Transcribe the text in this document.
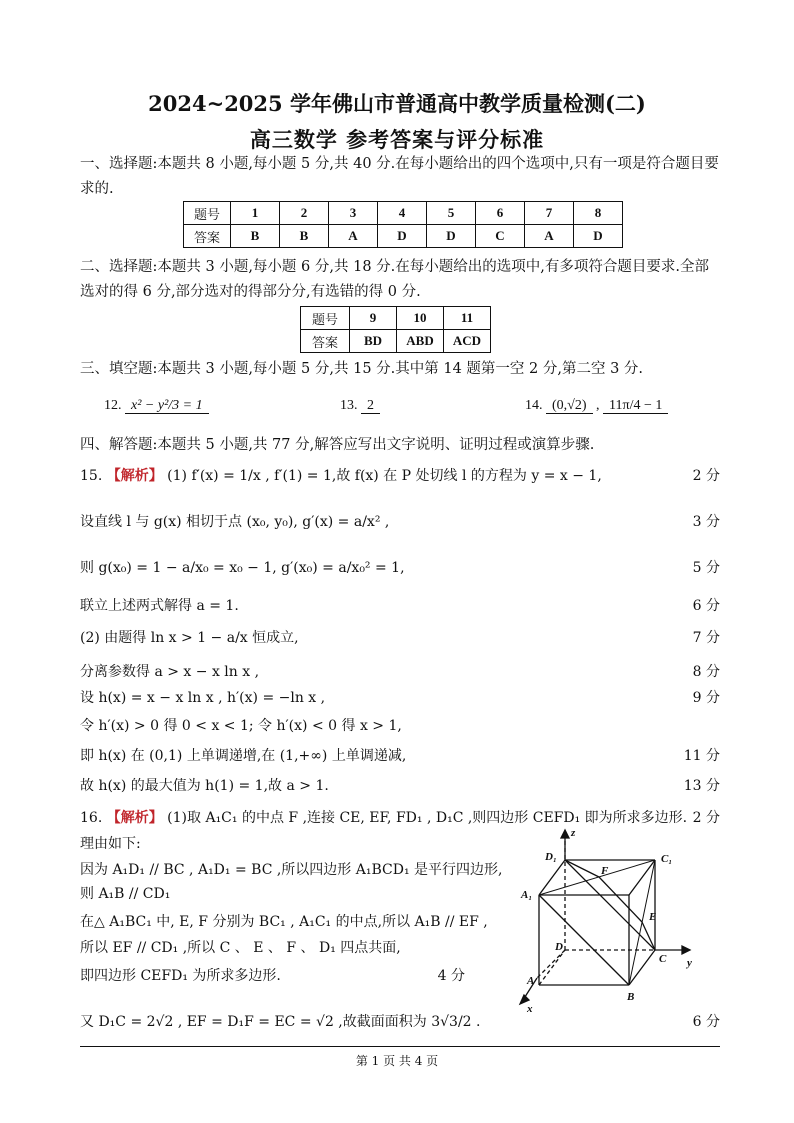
2024~2025 学年佛山市普通高中教学质量检测(二)
高三数学 参考答案与评分标准
一、选择题:本题共 8 小题,每小题 5 分,共 40 分.在每小题给出的四个选项中,只有一项是符合题目要求的.
题号	1	2	3	4	5	6	7	8
答案	B	B	A	D	D	C	A	D
二、选择题:本题共 3 小题,每小题 6 分,共 18 分.在每小题给出的选项中,有多项符合题目要求.全部选对的得 6 分,部分选对的得部分分,有选错的得 0 分.
题号	9	10	11
答案	BD	ABD	ACD
三、填空题:本题共 3 小题,每小题 5 分,共 15 分.其中第 14 题第一空 2 分,第二空 3 分.
12. x² − y²/3 = 1	13. 2	14. (0,√2) , 11π/4 − 1
四、解答题:本题共 5 小题,共 77 分,解答应写出文字说明、证明过程或演算步骤.
15. 【解析】 (1) f′(x) = 1/x , f′(1) = 1,故 f(x) 在 P 处切线 l 的方程为 y = x − 1,	2 分
设直线 l 与 g(x) 相切于点 (x₀, y₀), g′(x) = a/x² ,	3 分
则 g(x₀) = 1 − a/x₀ = x₀ − 1, g′(x₀) = a/x₀² = 1,	5 分
联立上述两式解得 a = 1.	6 分
(2) 由题得 ln x > 1 − a/x 恒成立,	7 分
分离参数得 a > x − x ln x ,	8 分
设 h(x) = x − x ln x , h′(x) = −ln x ,	9 分
令 h′(x) > 0 得 0 < x < 1; 令 h′(x) < 0 得 x > 1,
即 h(x) 在 (0,1) 上单调递增,在 (1,+∞) 上单调递减,	11 分
故 h(x) 的最大值为 h(1) = 1,故 a > 1.	13 分
16. 【解析】 (1)取 A₁C₁ 的中点 F ,连接 CE, EF, FD₁ , D₁C ,则四边形 CEFD₁ 即为所求多边形. 2 分
理由如下:
因为 A₁D₁ // BC , A₁D₁ = BC ,所以四边形 A₁BCD₁ 是平行四边形,
则 A₁B // CD₁
在△ A₁BC₁ 中, E, F 分别为 BC₁ , A₁C₁ 的中点,所以 A₁B // EF ,
所以 EF // CD₁ ,所以 C 、 E 、 F 、 D₁ 四点共面,
即四边形 CEFD₁ 为所求多边形.	4 分
又 D₁C = 2√2 , EF = D₁F = EC = √2 ,故截面面积为 3√3/2 .	6 分
z
y
x
D₁	C₁
A₁
F
E
D
C
A
B
第 1 页 共 4 页
